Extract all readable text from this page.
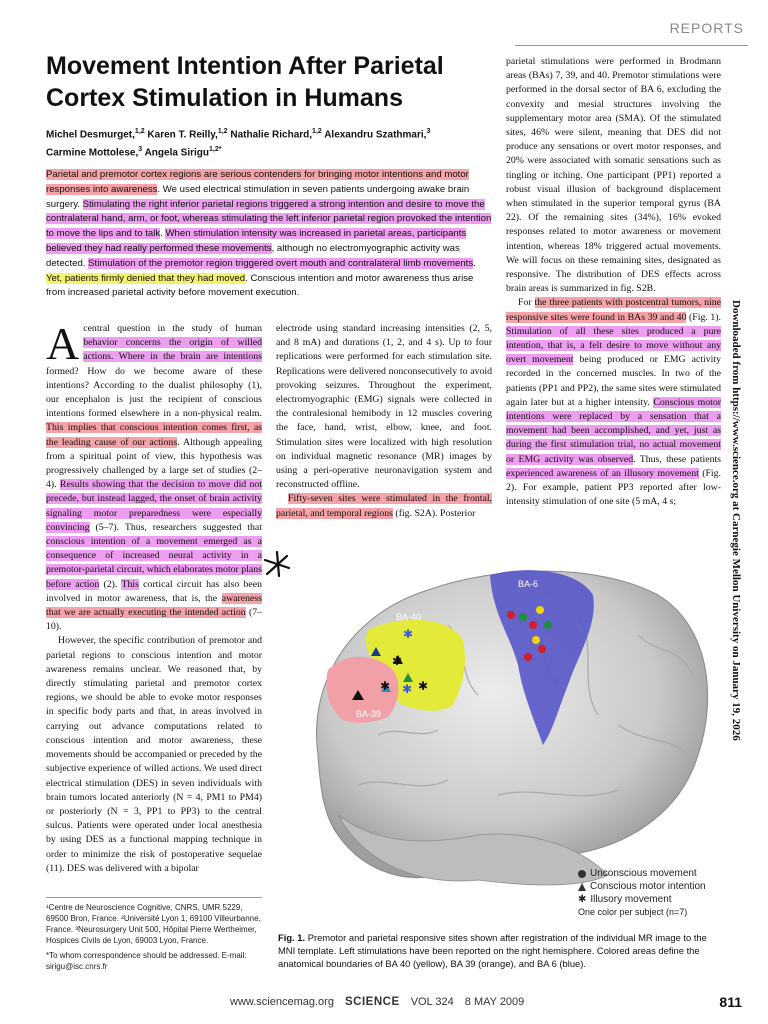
REPORTS
Movement Intention After Parietal Cortex Stimulation in Humans
Michel Desmurget,$^{1,2}$ Karen T. Reilly,$^{1,2}$ Nathalie Richard,$^{1,2}$ Alexandru Szathmari,$^3$
Carmine Mottolese,$^3$ Angela Sirigu$^{1,2*}$
Parietal and premotor cortex regions are serious contenders for bringing motor intentions and motor responses into awareness. We used electrical stimulation in seven patients undergoing awake brain surgery. Stimulating the right inferior parietal regions triggered a strong intention and desire to move the contralateral hand, arm, or foot, whereas stimulating the left inferior parietal region provoked the intention to move the lips and to talk. When stimulation intensity was increased in parietal areas, participants believed they had really performed these movements, although no electromyographic activity was detected. Stimulation of the premotor region triggered overt mouth and contralateral limb movements. Yet, patients firmly denied that they had moved. Conscious intention and motor awareness thus arise from increased parietal activity before movement execution.

Acentral question in the study of human behavior concerns the origin of willed actions. Where in the brain are intentions formed? How do we become aware of these intentions? According to the dualist philosophy (1), our encephalon is just the recipient of conscious intentions formed elsewhere in a non-physical realm. This implies that conscious intention comes first, as the leading cause of our actions. Although appealing from a spiritual point of view, this hypothesis was progressively challenged by a large set of studies (2–4). Results showing that the decision to move did not precede, but instead lagged, the onset of brain activity signaling motor preparedness were especially convincing (5–7). Thus, researchers suggested that conscious intention of a movement emerged as a consequence of increased neural activity in a premotor-parietal circuit, which elaborates motor plans before action (2). This cortical circuit has also been involved in motor awareness, that is, the awareness that we are actually executing the intended action (7–10).

However, the specific contribution of premotor and parietal regions to conscious intention and motor awareness remains unclear. We reasoned that, by directly stimulating parietal and premotor cortex regions, we should be able to evoke motor responses in specific body parts and that, in areas involved in carrying out advance computations related to conscious intention and motor awareness, these movements should be accompanied or preceded by the subjective experience of willed actions. We used direct electrical stimulation (DES) in seven individuals with brain tumors located anteriorly (N = 4, PM1 to PM4) or posteriorly (N = 3, PP1 to PP3) to the central sulcus. Patients were operated under local anesthesia by using DES as a functional mapping technique in order to minimize the risk of postoperative sequelae (11). DES was delivered with a bipolar

electrode using standard increasing intensities (2, 5, and 8 mA) and durations (1, 2, and 4 s). Up to four replications were performed for each stimulation site. Replications were delivered nonconsecutively to avoid provoking seizures. Throughout the experiment, electromyographic (EMG) signals were collected in the contralesional hemibody in 12 muscles covering the face, hand, wrist, elbow, knee, and foot. Stimulation sites were localized with high resolution on individual magnetic resonance (MR) images by using a peri-operative neuronavigation system and reconstructed offline.

Fifty-seven sites were stimulated in the frontal, parietal, and temporal regions (fig. S2A). Posterior

parietal stimulations were performed in Brodmann areas (BAs) 7, 39, and 40. Premotor stimulations were performed in the dorsal sector of BA 6, excluding the convexity and mesial structures involving the supplementary motor area (SMA). Of the stimulated sites, 46% were silent, meaning that DES did not produce any sensations or overt motor responses, and 20% were associated with somatic sensations such as tingling or itching. One participant (PP1) reported a robust visual illusion of background displacement when stimulated in the superior temporal gyrus (BA 22). Of the remaining sites (34%), 16% evoked responses related to motor awareness or movement intention, whereas 18% triggered actual movements. We will focus on these remaining sites, designated as responsive. The distribution of DES effects across brain areas is summarized in fig. S2B.

For the three patients with postcentral tumors, nine responsive sites were found in BAs 39 and 40 (Fig. 1). Stimulation of all these sites produced a pure intention, that is, a felt desire to move without any overt movement being produced or EMG activity recorded in the concerned muscles. In two of the patients (PP1 and PP2), the same sites were stimulated again later but at a higher intensity. Conscious motor intentions were replaced by a sensation that a movement had been accomplished, and yet, just as during the first stimulation trial, no actual movement or EMG activity was observed. Thus, these patients experienced awareness of an illusory movement (Fig. 2). For example, patient PP3 reported after low-intensity stimulation of one site (5 mA, 4 s;

¹Centre de Neuroscience Cognitive, CNRS, UMR 5229, 69500 Bron, France. ²Université Lyon 1, 69100 Villeurbanne, France. ³Neurosurgery Unit 500, Hôpital Pierre Wertheimer, Hospices Civils de Lyon, 69003 Lyon, France.

*To whom correspondence should be addressed. E-mail: sirigu@isc.cnrs.fr

BA-6
BA-40
BA-39
✱
✱
✱ ✱
✱
Unconscious movement
Conscious motor intention
✱ Illusory movement
One color per subject (n=7)
Fig. 1. Premotor and parietal responsive sites shown after registration of the individual MR image to the MNI template. Left stimulations have been reported on the right hemisphere. Colored areas define the anatomical boundaries of BA 40 (yellow), BA 39 (orange), and BA 6 (blue).
Downloaded from https://www.science.org at Carnegie Mellon University on January 19, 2026
www.sciencemag.org SCIENCE VOL 324 8 MAY 2009	811
